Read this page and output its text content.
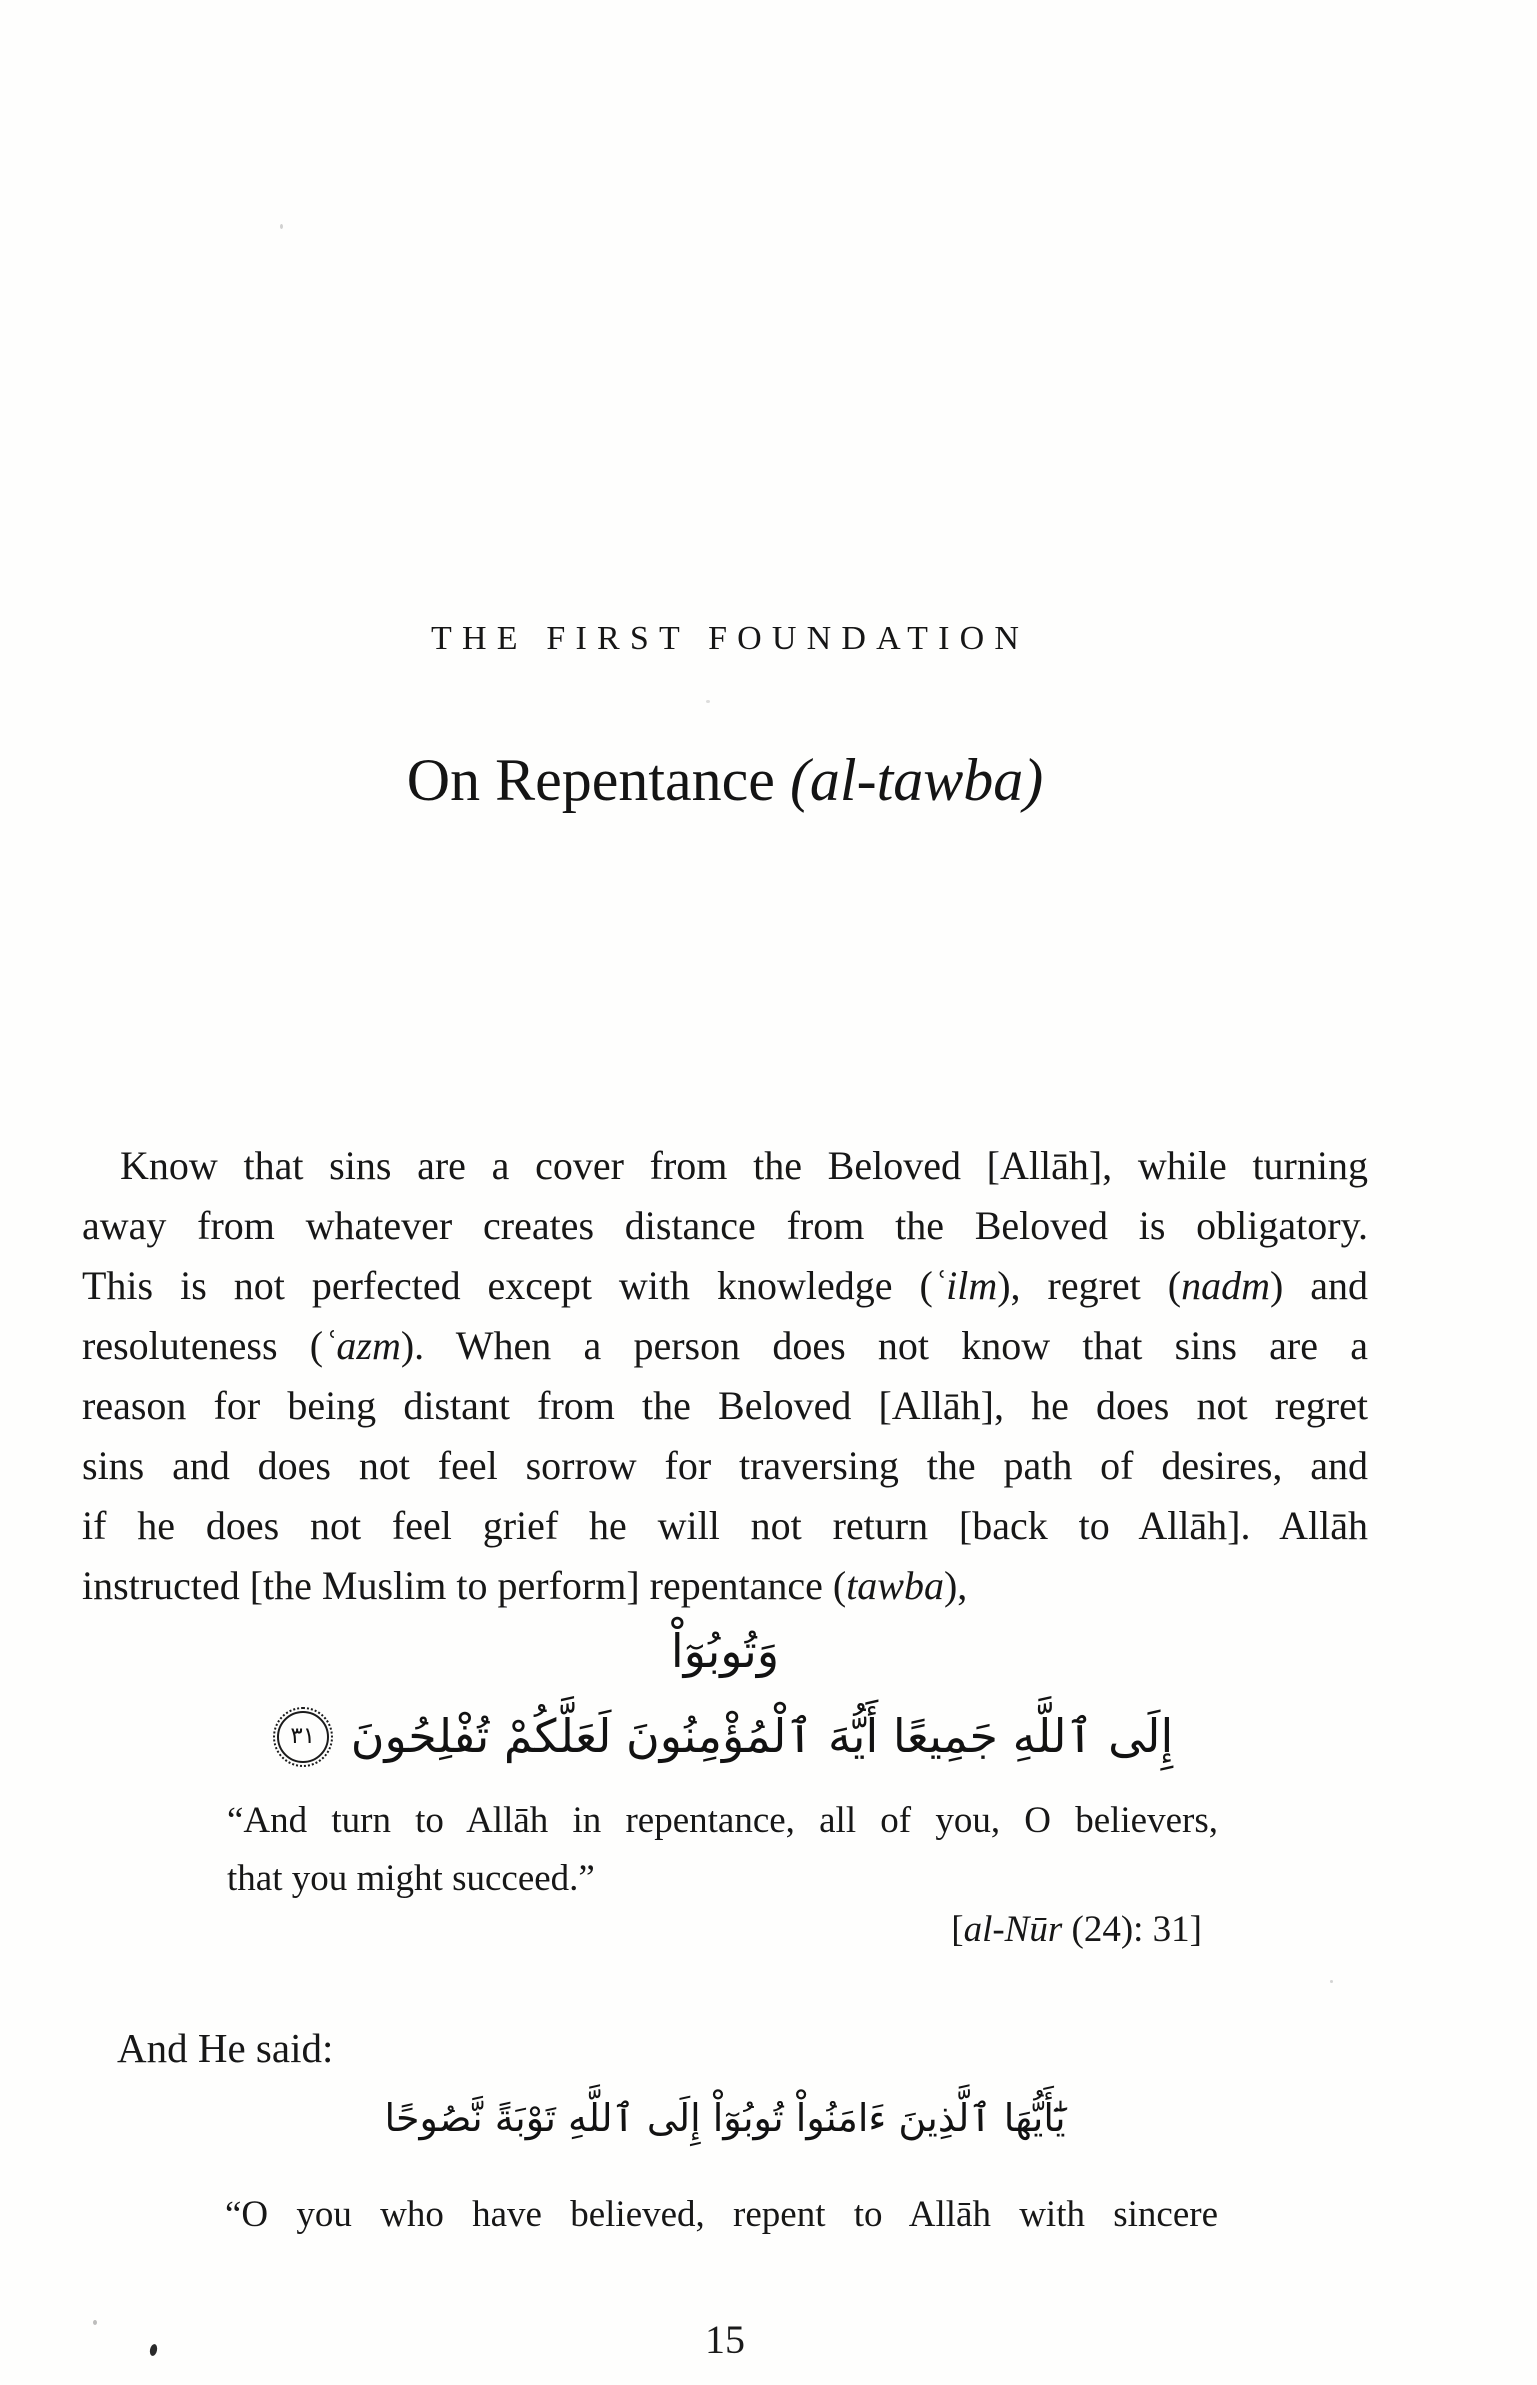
THE FIRST FOUNDATION
On Repentance (al-tawba)
Know that sins are a cover from the Beloved [Allāh], while turning
away from whatever creates distance from the Beloved is obligatory.
This is not perfected except with knowledge (ʿilm), regret (nadm) and
resoluteness (ʿazm). When a person does not know that sins are a
reason for being distant from the Beloved [Allāh], he does not regret
sins and does not feel sorrow for traversing the path of desires, and
if he does not feel grief he will not return [back to Allāh]. Allāh
instructed [the Muslim to perform] repentance (tawba),
وَتُوبُوٓاْ
إِلَى ٱللَّهِ جَمِيعًا أَيُّهَ ٱلْمُؤْمِنُونَ لَعَلَّكُمْ تُفْلِحُونَ٣١
“And turn to Allāh in repentance, all of you, O believers,
that you might succeed.”
[al-Nūr (24): 31]
And He said:
يَٰٓأَيُّهَا ٱلَّذِينَ ءَامَنُواْ تُوبُوٓاْ إِلَى ٱللَّهِ تَوْبَةً نَّصُوحًا
“O you who have believed, repent to Allāh with sincere
15
